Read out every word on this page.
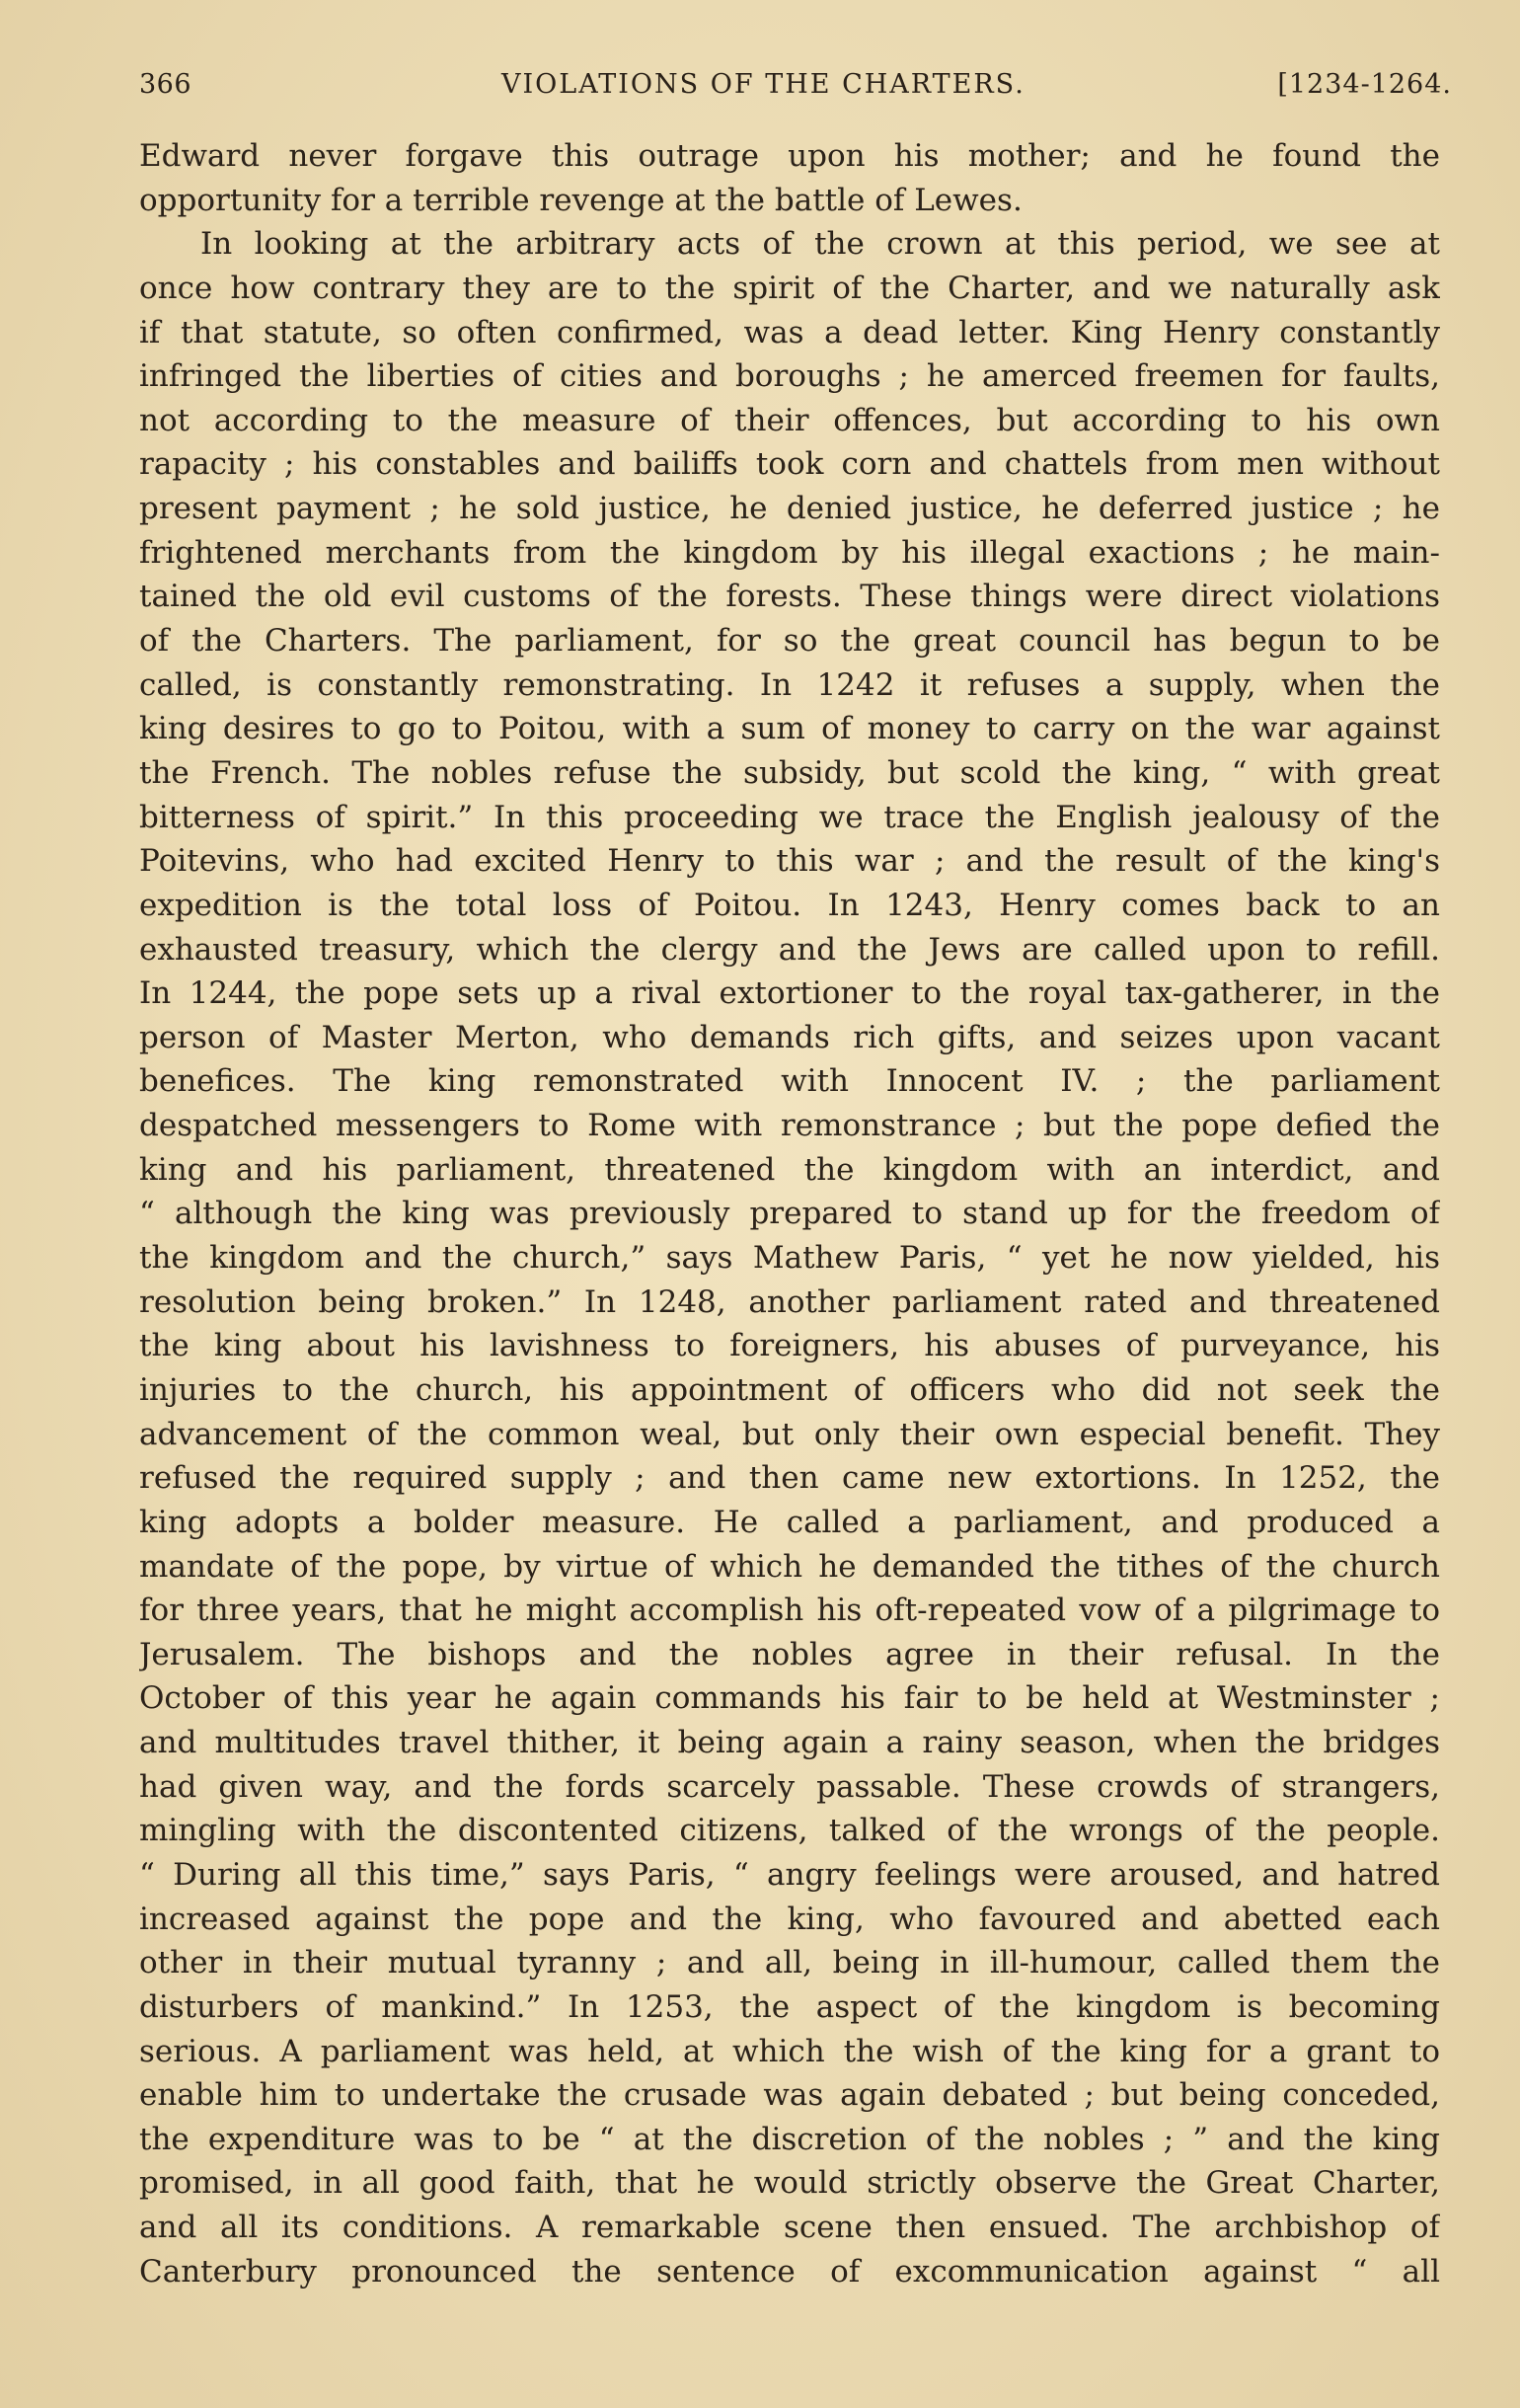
366	VIOLATIONS OF THE CHARTERS.	[1234-1264.
Edward never forgave this outrage upon his mother; and he found the
opportunity for a terrible revenge at the battle of Lewes.
In looking at the arbitrary acts of the crown at this period, we see at
once how contrary they are to the spirit of the Charter, and we naturally ask
if that statute, so often confirmed, was a dead letter. King Henry constantly
infringed the liberties of cities and boroughs ; he amerced freemen for faults,
not according to the measure of their offences, but according to his own
rapacity ; his constables and bailiffs took corn and chattels from men without
present payment ; he sold justice, he denied justice, he deferred justice ; he
frightened merchants from the kingdom by his illegal exactions ; he main-
tained the old evil customs of the forests. These things were direct violations
of the Charters. The parliament, for so the great council has begun to be
called, is constantly remonstrating. In 1242 it refuses a supply, when the
king desires to go to Poitou, with a sum of money to carry on the war against
the French. The nobles refuse the subsidy, but scold the king, “ with great
bitterness of spirit.” In this proceeding we trace the English jealousy of the
Poitevins, who had excited Henry to this war ; and the result of the king's
expedition is the total loss of Poitou. In 1243, Henry comes back to an
exhausted treasury, which the clergy and the Jews are called upon to refill.
In 1244, the pope sets up a rival extortioner to the royal tax-gatherer, in the
person of Master Merton, who demands rich gifts, and seizes upon vacant
benefices. The king remonstrated with Innocent IV. ; the parliament
despatched messengers to Rome with remonstrance ; but the pope defied the
king and his parliament, threatened the kingdom with an interdict, and
“ although the king was previously prepared to stand up for the freedom of
the kingdom and the church,” says Mathew Paris, “ yet he now yielded, his
resolution being broken.” In 1248, another parliament rated and threatened
the king about his lavishness to foreigners, his abuses of purveyance, his
injuries to the church, his appointment of officers who did not seek the
advancement of the common weal, but only their own especial benefit. They
refused the required supply ; and then came new extortions. In 1252, the
king adopts a bolder measure. He called a parliament, and produced a
mandate of the pope, by virtue of which he demanded the tithes of the church
for three years, that he might accomplish his oft-repeated vow of a pilgrimage to
Jerusalem. The bishops and the nobles agree in their refusal. In the
October of this year he again commands his fair to be held at Westminster ;
and multitudes travel thither, it being again a rainy season, when the bridges
had given way, and the fords scarcely passable. These crowds of strangers,
mingling with the discontented citizens, talked of the wrongs of the people.
“ During all this time,” says Paris, “ angry feelings were aroused, and hatred
increased against the pope and the king, who favoured and abetted each
other in their mutual tyranny ; and all, being in ill-humour, called them the
disturbers of mankind.” In 1253, the aspect of the kingdom is becoming
serious. A parliament was held, at which the wish of the king for a grant to
enable him to undertake the crusade was again debated ; but being conceded,
the expenditure was to be “ at the discretion of the nobles ; ” and the king
promised, in all good faith, that he would strictly observe the Great Charter,
and all its conditions. A remarkable scene then ensued. The archbishop of
Canterbury pronounced the sentence of excommunication against “ all
